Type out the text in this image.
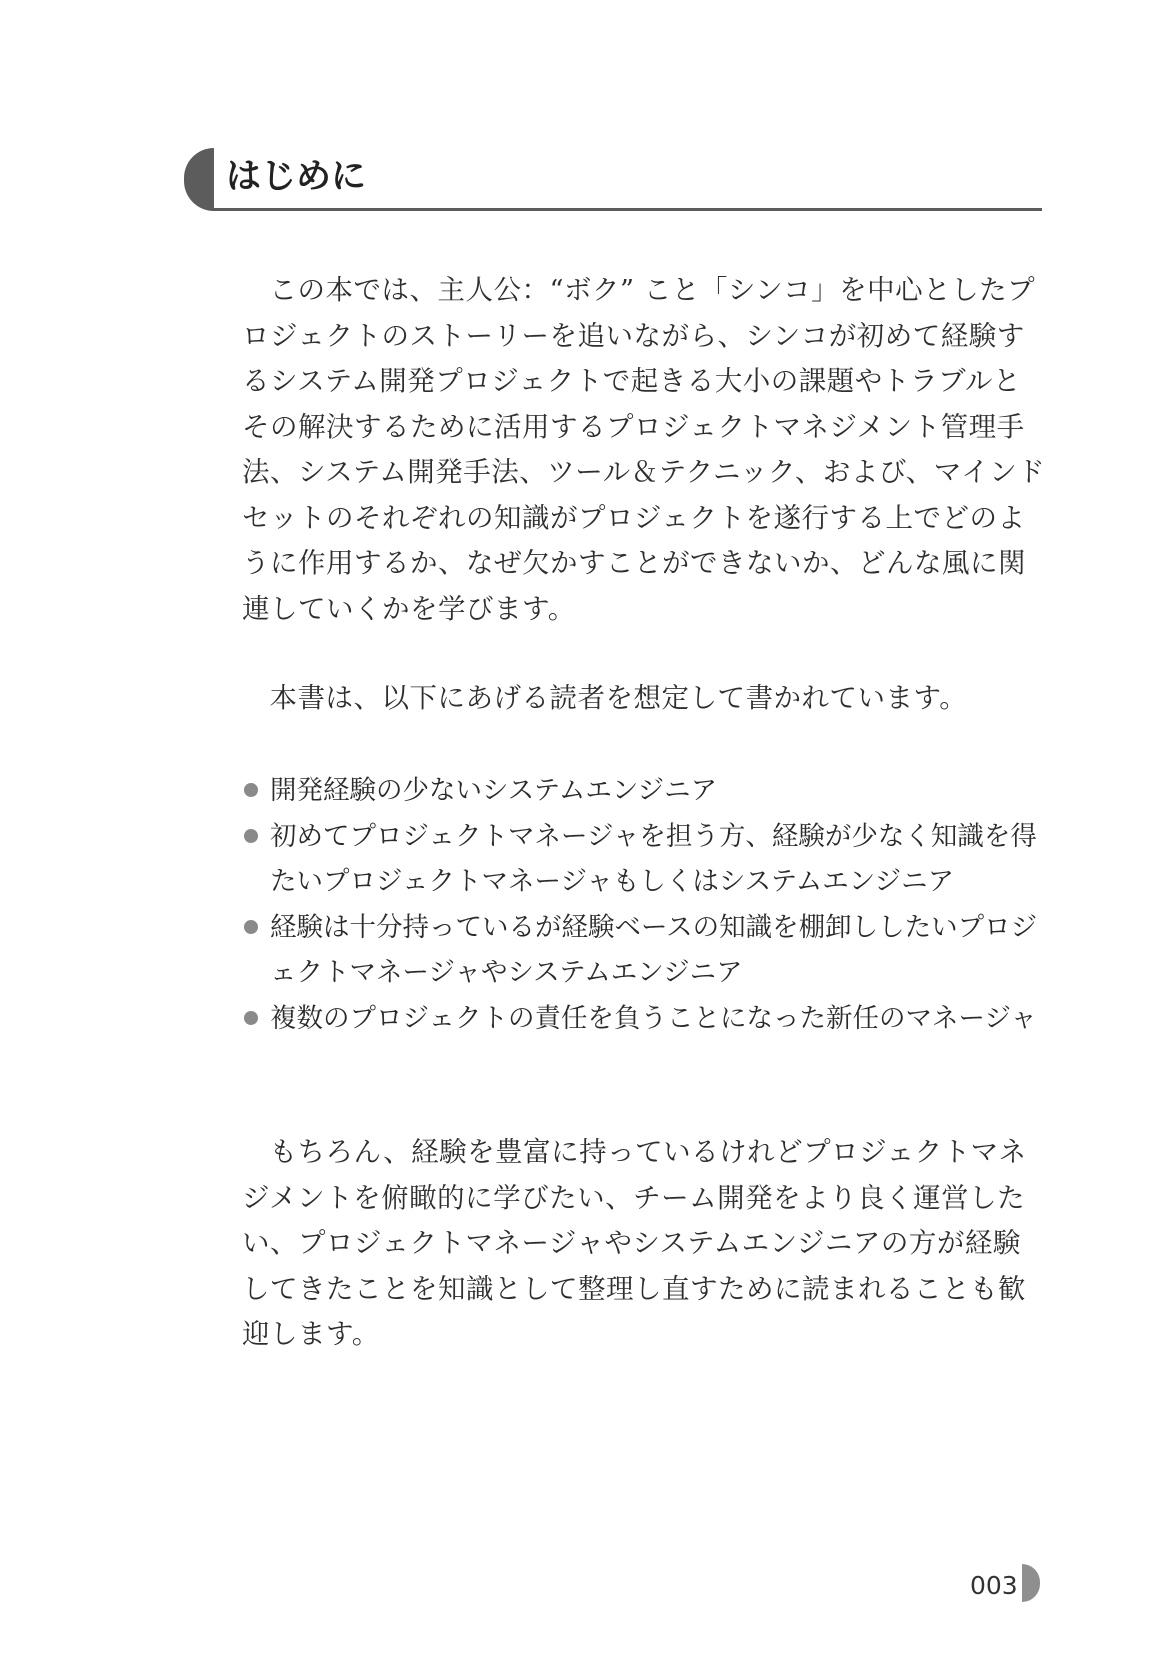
はじめに

この本では、主人公：“ボク” こと「シンコ」を中心としたプロジェクトのストーリーを追いながら、シンコが初めて経験するシステム開発プロジェクトで起きる大小の課題やトラブルとその解決するために活用するプロジェクトマネジメント管理手法、システム開発手法、ツール＆テクニック、および、マインドセットのそれぞれの知識がプロジェクトを遂行する上でどのように作用するか、なぜ欠かすことができないか、どんな風に関連していくかを学びます。

本書は、以下にあげる読者を想定して書かれています。

開発経験の少ないシステムエンジニア
初めてプロジェクトマネージャを担う方、経験が少なく知識を得たいプロジェクトマネージャもしくはシステムエンジニア
経験は十分持っているが経験ベースの知識を棚卸ししたいプロジェクトマネージャやシステムエンジニア
複数のプロジェクトの責任を負うことになった新任のマネージャ

もちろん、経験を豊富に持っているけれどプロジェクトマネジメントを俯瞰的に学びたい、チーム開発をより良く運営したい、プロジェクトマネージャやシステムエンジニアの方が経験してきたことを知識として整理し直すために読まれることも歓迎します。

003
